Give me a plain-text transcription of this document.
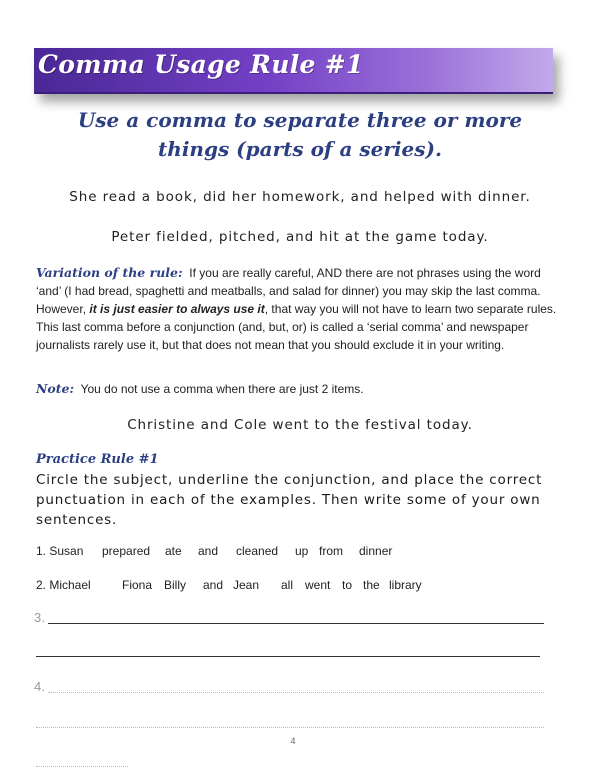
Comma Usage Rule #1
Use a comma to separate three or more things (parts of a series).
She read a book, did her homework, and helped with dinner.
Peter fielded, pitched, and hit at the game today.
Variation of the rule: If you are really careful, AND there are not phrases using the word ‘and’ (I had bread, spaghetti and meatballs, and salad for dinner) you may skip the last comma. However, it is just easier to always use it, that way you will not have to learn two separate rules. This last comma before a conjunction (and, but, or) is called a ‘serial comma’ and newspaper journalists rarely use it, but that does not mean that you should exclude it in your writing.
Note: You do not use a comma when there are just 2 items.
Christine and Cole went to the festival today.
Practice Rule #1
Circle the subject, underline the conjunction, and place the correct punctuation in each of the examples. Then write some of your own sentences.
1. Susan prepared ate and cleaned up from dinner
2. Michael	Fiona Billy and Jean all went to the library
3.
4.
4
